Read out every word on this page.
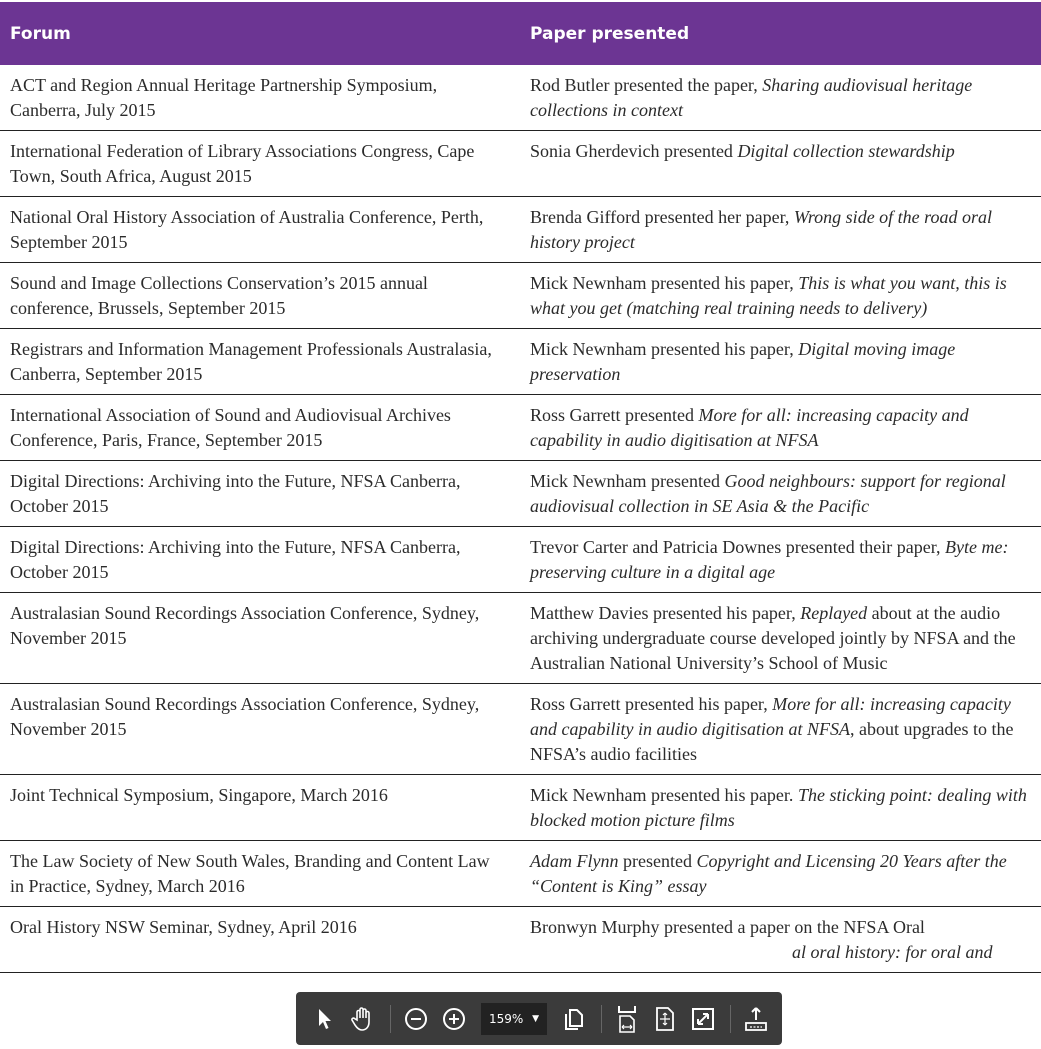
Forum	Paper presented
ACT and Region Annual Heritage Partnership Symposium, Canberra, July 2015	Rod Butler presented the paper, Sharing audiovisual heritage collections in context
International Federation of Library Associations Congress, Cape Town, South Africa, August 2015	Sonia Gherdevich presented Digital collection stewardship
National Oral History Association of Australia Conference, Perth, September 2015	Brenda Gifford presented her paper, Wrong side of the road oral history project
Sound and Image Collections Conservation’s 2015 annual conference, Brussels, September 2015	Mick Newnham presented his paper, This is what you want, this is what you get (matching real training needs to delivery)
Registrars and Information Management Professionals Australasia, Canberra, September 2015	Mick Newnham presented his paper, Digital moving image preservation
International Association of Sound and Audiovisual Archives Conference, Paris, France, September 2015	Ross Garrett presented More for all: increasing capacity and capability in audio digitisation at NFSA
Digital Directions: Archiving into the Future, NFSA Canberra, October 2015	Mick Newnham presented Good neighbours: support for regional audiovisual collection in SE Asia & the Pacific
Digital Directions: Archiving into the Future, NFSA Canberra, October 2015	Trevor Carter and Patricia Downes presented their paper, Byte me: preserving culture in a digital age
Australasian Sound Recordings Association Conference, Sydney, November 2015	Matthew Davies presented his paper, Replayed about at the audio archiving undergraduate course developed jointly by NFSA and the Australian National University’s School of Music
Australasian Sound Recordings Association Conference, Sydney, November 2015	Ross Garrett presented his paper, More for all: increasing capacity and capability in audio digitisation at NFSA, about upgrades to the NFSA’s audio facilities
Joint Technical Symposium, Singapore, March 2016	Mick Newnham presented his paper. The sticking point: dealing with blocked motion picture films
The Law Society of New South Wales, Branding and Content Law in Practice, Sydney, March 2016	Adam Flynn presented Copyright and Licensing 20 Years after the “Content is King” essay
Oral History NSW Seminar, Sydney, April 2016	Bronwyn Murphy presented a paper on the NFSA Oral
al oral history: for oral and
159% ▼
